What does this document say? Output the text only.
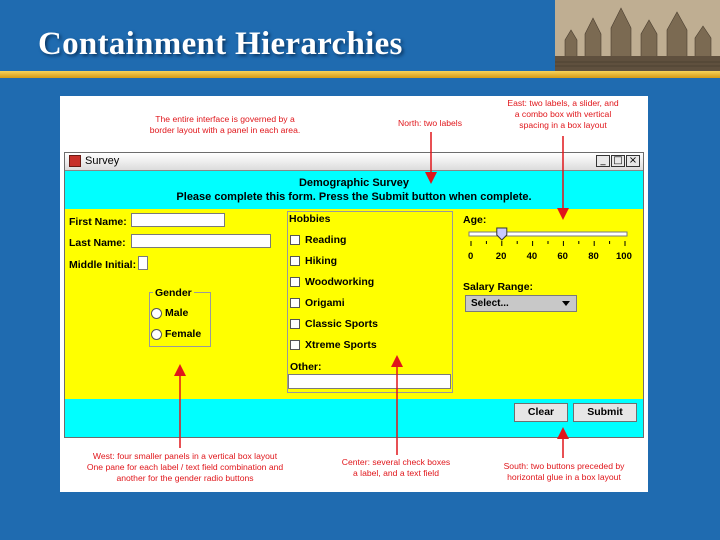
Containment Hierarchies
The entire interface is governed by a
border layout with a panel in each area.
North: two labels
East: two labels, a slider, and
a combo box with vertical
spacing in a box layout
West: four smaller panels in a vertical box layout
One pane for each label / text field combination and
another for the gender radio buttons
Center: several check boxes
a label, and a text field
South: two buttons preceded by
horizontal glue in a box layout
Survey	_ □ ×
Demographic Survey
Please complete this form. Press the Submit button when complete.
First Name:
Last Name:
Middle Initial:
Gender
Male
Female
Hobbies
Reading
Hiking
Woodworking
Origami
Classic Sports
Xtreme Sports
Other:
Age:
0 20 40 60 80 100
Salary Range:
Select...
Clear	Submit
